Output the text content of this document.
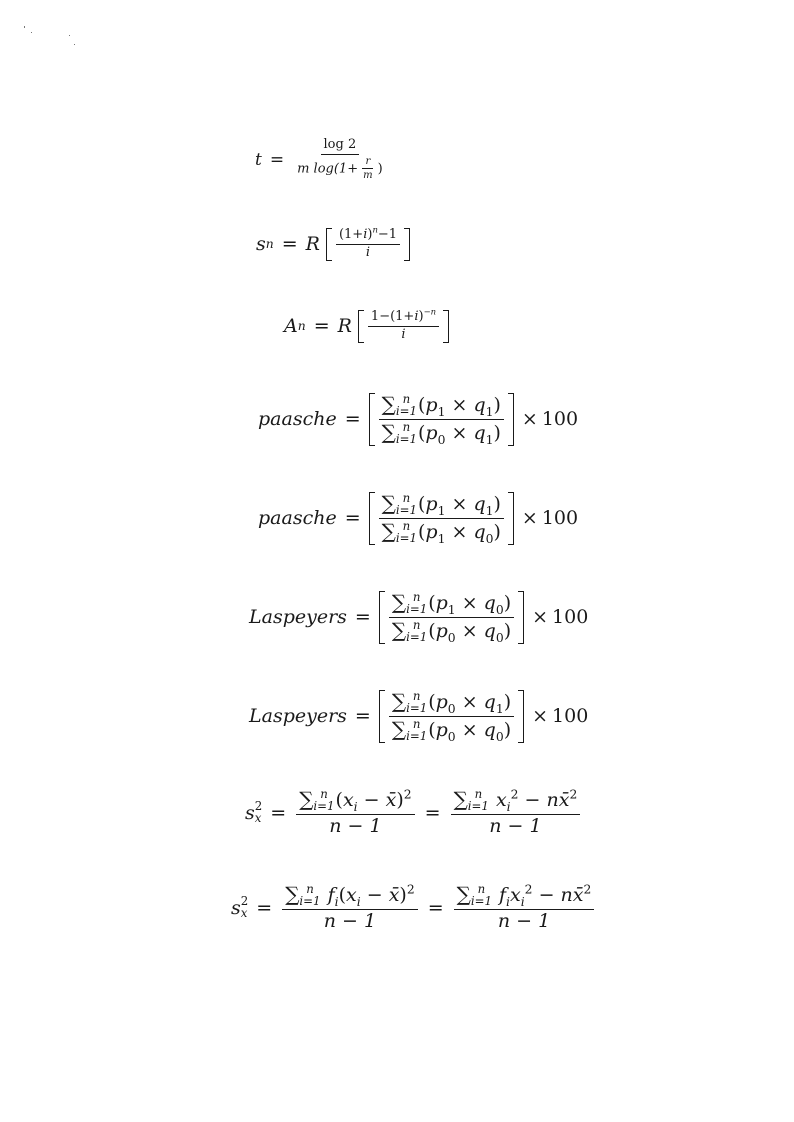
$t = \frac{\log 2}{m \log(1+ \frac{r}{m} )}$
s n = R $\frac{(1+i)^n-1}{i}$
A n = R $\frac{1-(1+i)^{-n}}{i}$
paasche = ∑ n
i=1 $(p_1 \times q_1)$
∑ n
i=1 $(p_0 \times q_1) \times 100$
paasche = ∑ n
i=1 $(p_1 \times q_1)$
∑ n
i=1 $(p_1 \times q_0) \times 100$
Laspeyers = ∑ n
i=1 $(p_1 \times q_0)$
∑ n
i=1 $(p_0 \times q_0) \times 100$
Laspeyers = ∑ n
i=1 $(p_0 \times q_1)$
∑ n
i=1 $(p_0 \times q_0) \times 100$
s 2
x = ∑ n
i=1 ($x_i$ − x̄)$^2$
n − 1 = ∑ n
i=1 $x_i^2$ − nx̄$^2$
n − 1
s 2
x = ∑ n
i=1 $f_i(x_i$ − x̄)$^2$
n − 1 = ∑ n
i=1 $f_ix_i^2$ − nx̄$^2$
n − 1
